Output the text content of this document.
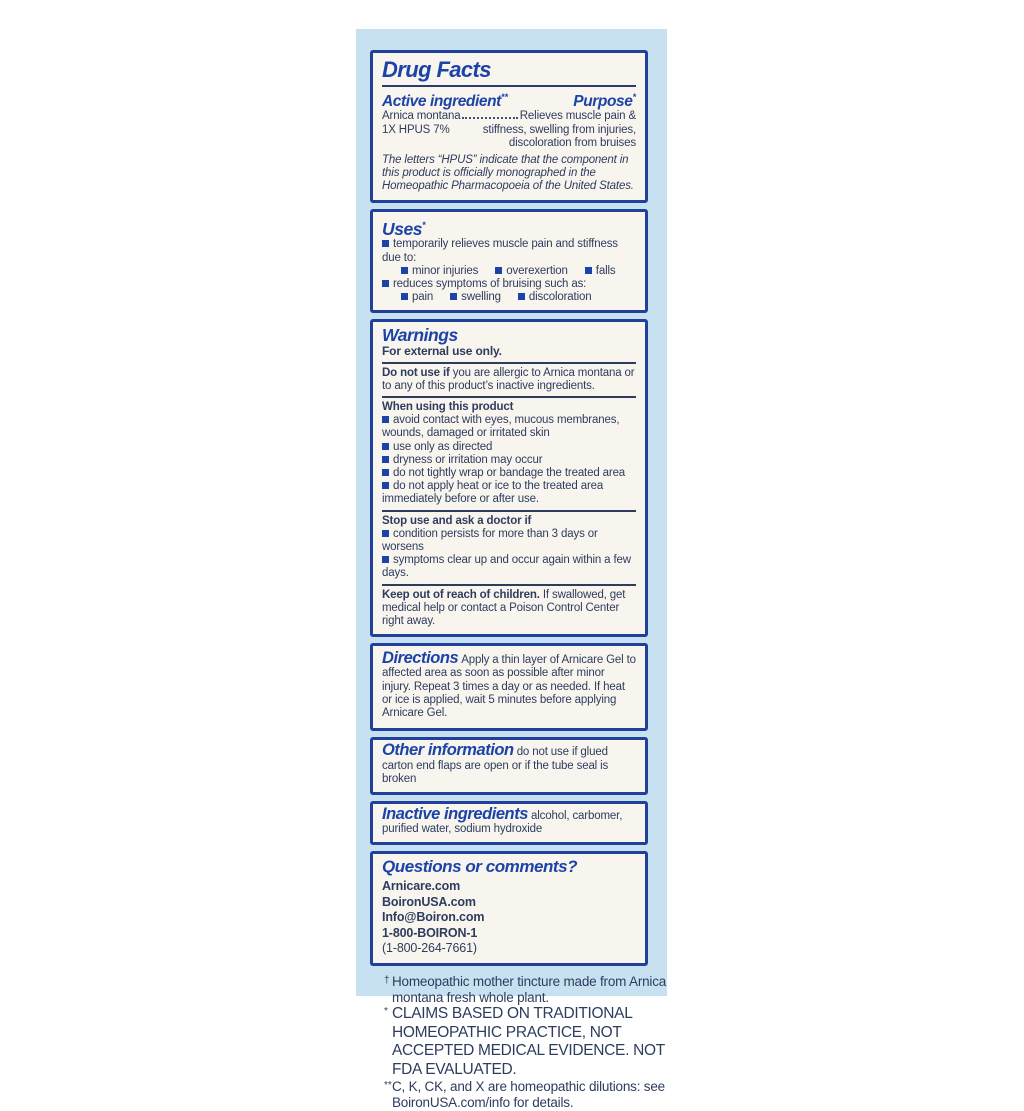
Drug Facts
Active ingredient**	Purpose*
Arnica montana	Relieves muscle pain &
1X HPUS 7%	stiffness, swelling from injuries,
discoloration from bruises
The letters “HPUS” indicate that the component in this product is officially monographed in the Homeopathic Pharmacopoeia of the United States.
Uses*
temporarily relieves muscle pain and stiffness due to:
minor injuries	overexertion	falls
reduces symptoms of bruising such as:
pain	swelling	discoloration
Warnings
For external use only.

Do not use if you are allergic to Arnica montana or to any of this product’s inactive ingredients.

When using this product
avoid contact with eyes, mucous membranes, wounds, damaged or irritated skin
use only as directed
dryness or irritation may occur
do not tightly wrap or bandage the treated area
do not apply heat or ice to the treated area immediately before or after use.
Stop use and ask a doctor if
condition persists for more than 3 days or worsens
symptoms clear up and occur again within a few days.

Keep out of reach of children. If swallowed, get medical help or contact a Poison Control Center right away.

Directions Apply a thin layer of Arnicare Gel to affected area as soon as possible after minor injury. Repeat 3 times a day or as needed. If heat or ice is applied, wait 5 minutes before applying Arnicare Gel.

Other information do not use if glued carton end flaps are open or if the tube seal is broken

Inactive ingredients alcohol, carbomer, purified water, sodium hydroxide

Questions or comments?
Arnicare.com
BoironUSA.com
Info@Boiron.com
1-800-BOIRON-1
(1-800-264-7661)
† Homeopathic mother tincture made from Arnica montana fresh whole plant.

* CLAIMS BASED ON TRADITIONAL HOMEOPATHIC PRACTICE, NOT ACCEPTED MEDICAL EVIDENCE. NOT FDA EVALUATED.

** C, K, CK, and X are homeopathic dilutions: see BoironUSA.com/info for details.
